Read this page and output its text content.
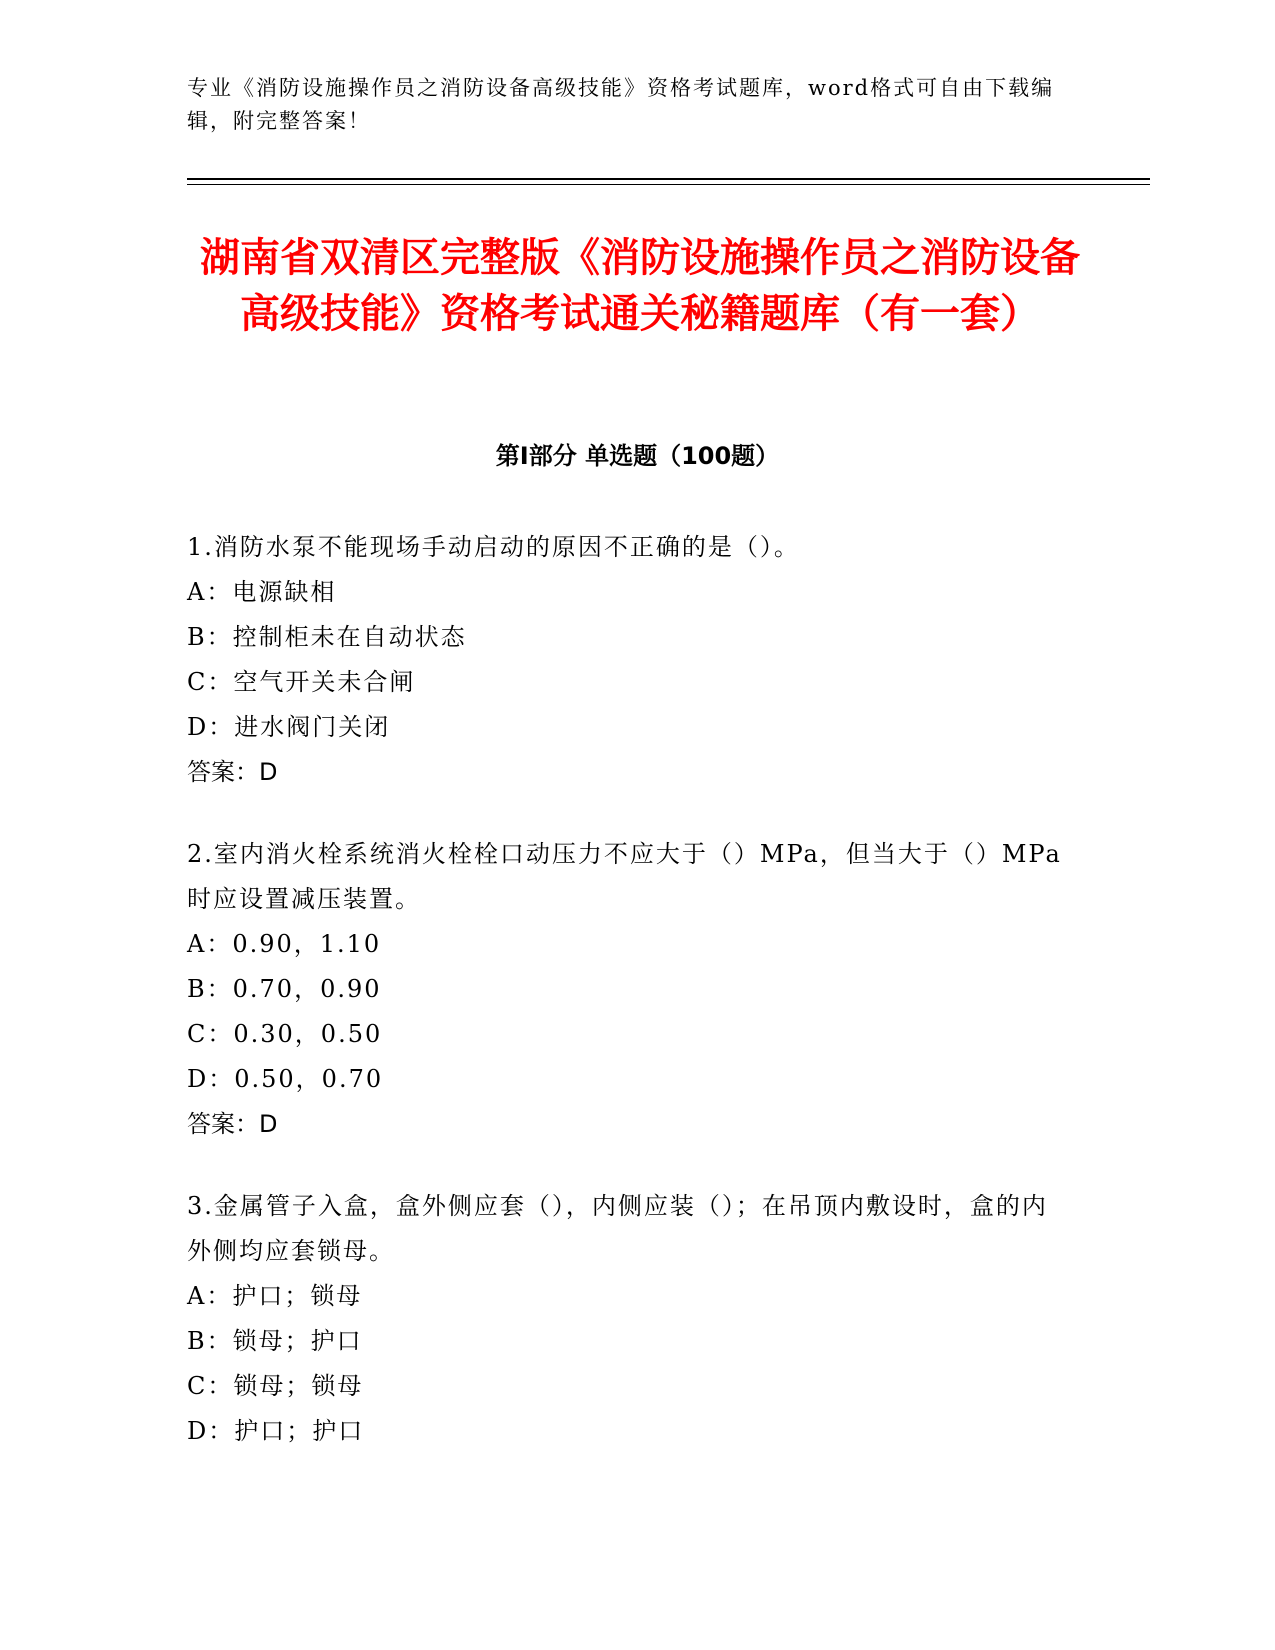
专业《消防设施操作员之消防设备高级技能》资格考试题库，word格式可自由下载编辑，附完整答案！
湖南省双清区完整版《消防设施操作员之消防设备高级技能》资格考试通关秘籍题库（有一套）
第I部分 单选题（100题）
1.消防水泵不能现场手动启动的原因不正确的是（）。
A：电源缺相
B：控制柜未在自动状态
C：空气开关未合闸
D：进水阀门关闭
答案：D
2.室内消火栓系统消火栓栓口动压力不应大于（）MPa，但当大于（）MPa时应设置减压装置。
A：0.90，1.10
B：0.70，0.90
C：0.30，0.50
D：0.50，0.70
答案：D
3.金属管子入盒，盒外侧应套（），内侧应装（）；在吊顶内敷设时，盒的内外侧均应套锁母。
A：护口；锁母
B：锁母；护口
C：锁母；锁母
D：护口；护口
